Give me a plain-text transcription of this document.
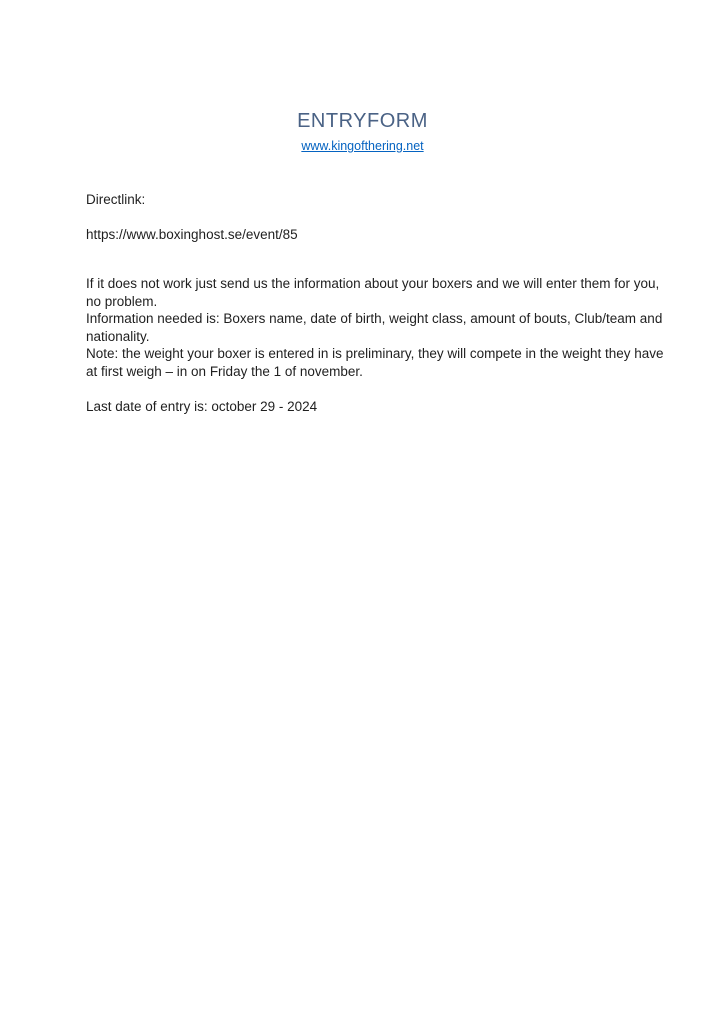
ENTRYFORM
www.kingofthering.net

Directlink:

https://www.boxinghost.se/event/85

If it does not work just send us the information about your boxers and we will enter them for you,
no problem.
Information needed is: Boxers name, date of birth, weight class, amount of bouts, Club/team and
nationality.
Note: the weight your boxer is entered in is preliminary, they will compete in the weight they have
at first weigh – in on Friday the 1 of november.

Last date of entry is: october 29 - 2024
